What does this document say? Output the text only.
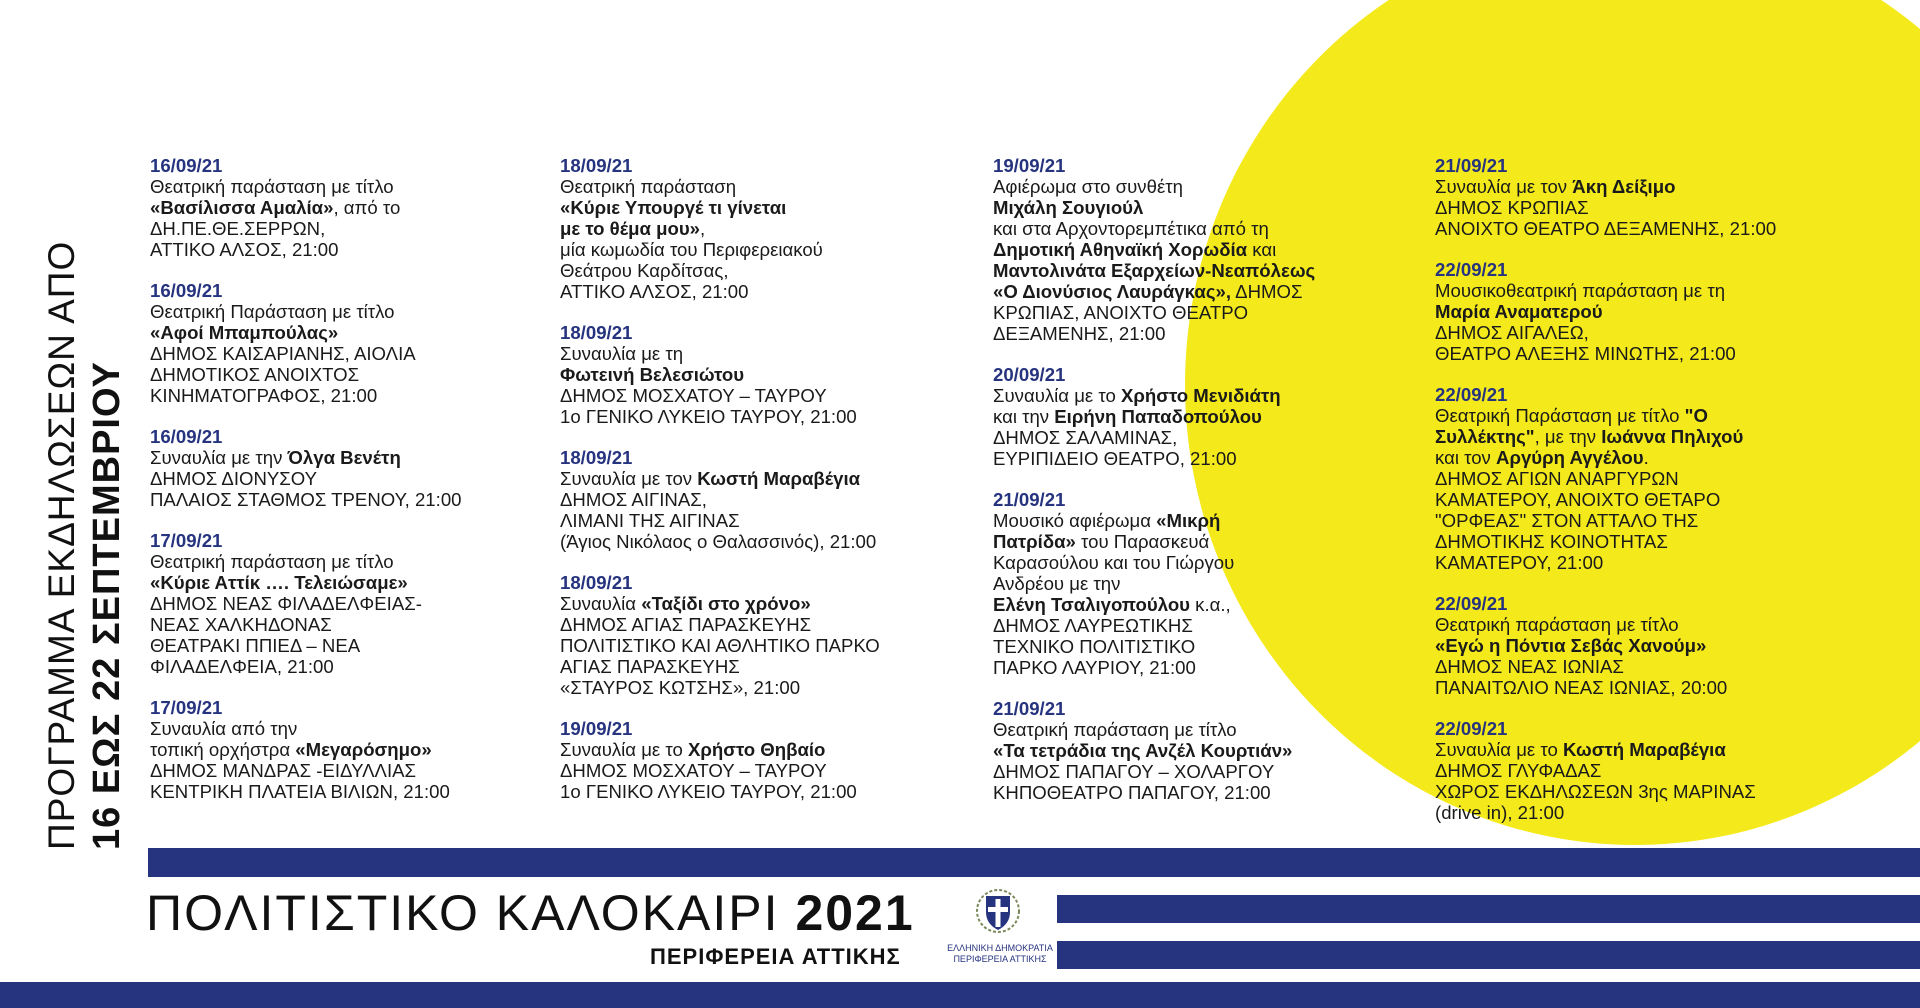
ΠΡΟΓΡΑΜΜΑ ΕΚΔΗΛΩΣΕΩΝ ΑΠΟ 16 ΕΩΣ 22 ΣΕΠΤΕΜΒΡΙΟΥ
16/09/21
Θεατρική παράσταση με τίτλο
«Βασίλισσα Αμαλία», από το
ΔΗ.ΠΕ.ΘΕ.ΣΕΡΡΩΝ,
ΑΤΤΙΚΟ ΑΛΣΟΣ, 21:00
16/09/21
Θεατρική Παράσταση με τίτλο
«Αφοί Μπαμπούλας»
ΔΗΜΟΣ ΚΑΙΣΑΡΙΑΝΗΣ, ΑΙΟΛΙΑ
ΔΗΜΟΤΙΚΟΣ ΑΝΟΙΧΤΟΣ
ΚΙΝΗΜΑΤΟΓΡΑΦΟΣ, 21:00
16/09/21
Συναυλία με την Όλγα Βενέτη
ΔΗΜΟΣ ΔΙΟΝΥΣΟΥ
ΠΑΛΑΙΟΣ ΣΤΑΘΜΟΣ ΤΡΕΝΟΥ, 21:00
17/09/21
Θεατρική παράσταση με τίτλο
«Κύριε Αττίκ …. Τελειώσαμε»
ΔΗΜΟΣ ΝΕΑΣ ΦΙΛΑΔΕΛΦΕΙΑΣ-
ΝΕΑΣ ΧΑΛΚΗΔΟΝΑΣ
ΘΕΑΤΡΑΚΙ ΠΠΙΕΔ – ΝΕΑ
ΦΙΛΑΔΕΛΦΕΙΑ, 21:00
17/09/21
Συναυλία από την
τοπική ορχήστρα «Μεγαρόσημο»
ΔΗΜΟΣ ΜΑΝΔΡΑΣ -ΕΙΔΥΛΛΙΑΣ
ΚΕΝΤΡΙΚΗ ΠΛΑΤΕΙΑ ΒΙΛΙΩΝ, 21:00
18/09/21
Θεατρική παράσταση
«Κύριε Υπουργέ τι γίνεται
με το θέμα μου»,
μία κωμωδία του Περιφερειακού
Θεάτρου Καρδίτσας,
ΑΤΤΙΚΟ ΑΛΣΟΣ, 21:00
18/09/21
Συναυλία με τη
Φωτεινή Βελεσιώτου
ΔΗΜΟΣ ΜΟΣΧΑΤΟΥ – ΤΑΥΡΟΥ
1ο ΓΕΝΙΚΟ ΛΥΚΕΙΟ ΤΑΥΡΟΥ, 21:00
18/09/21
Συναυλία με τον Κωστή Μαραβέγια
ΔΗΜΟΣ ΑΙΓΙΝΑΣ,
ΛΙΜΑΝΙ ΤΗΣ ΑΙΓΙΝΑΣ
(Άγιος Νικόλαος ο Θαλασσινός), 21:00
18/09/21
Συναυλία «Ταξίδι στο χρόνο»
ΔΗΜΟΣ ΑΓΙΑΣ ΠΑΡΑΣΚΕΥΗΣ
ΠΟΛΙΤΙΣΤΙΚΟ ΚΑΙ ΑΘΛΗΤΙΚΟ ΠΑΡΚΟ
ΑΓΙΑΣ ΠΑΡΑΣΚΕΥΗΣ
«ΣΤΑΥΡΟΣ ΚΩΤΣΗΣ», 21:00
19/09/21
Συναυλία με το Χρήστο Θηβαίο
ΔΗΜΟΣ ΜΟΣΧΑΤΟΥ – ΤΑΥΡΟΥ
1ο ΓΕΝΙΚΟ ΛΥΚΕΙΟ ΤΑΥΡΟΥ, 21:00
19/09/21
Αφιέρωμα στο συνθέτη
Μιχάλη Σουγιούλ
και στα Αρχοντορεμπέτικα από τη
Δημοτική Αθηναϊκή Χορωδία και
Μαντολινάτα Εξαρχείων-Νεαπόλεως
«Ο Διονύσιος Λαυράγκας», ΔΗΜΟΣ
ΚΡΩΠΙΑΣ, ΑΝΟΙΧΤΟ ΘΕΑΤΡΟ
ΔΕΞΑΜΕΝΗΣ, 21:00
20/09/21
Συναυλία με το Χρήστο Μενιδιάτη
και την Ειρήνη Παπαδοπούλου
ΔΗΜΟΣ ΣΑΛΑΜΙΝΑΣ,
ΕΥΡΙΠΙΔΕΙΟ ΘΕΑΤΡΟ, 21:00
21/09/21
Μουσικό αφιέρωμα «Μικρή
Πατρίδα» του Παρασκευά
Καρασούλου και του Γιώργου
Ανδρέου με την
Ελένη Τσαλιγοπούλου κ.α.,
ΔΗΜΟΣ ΛΑΥΡΕΩΤΙΚΗΣ
ΤΕΧΝΙΚΟ ΠΟΛΙΤΙΣΤΙΚΟ
ΠΑΡΚΟ ΛΑΥΡΙΟΥ, 21:00
21/09/21
Θεατρική παράσταση με τίτλο
«Τα τετράδια της Ανζέλ Κουρτιάν»
ΔΗΜΟΣ ΠΑΠΑΓΟΥ – ΧΟΛΑΡΓΟΥ
ΚΗΠΟΘΕΑΤΡΟ ΠΑΠΑΓΟΥ, 21:00
21/09/21
Συναυλία με τον Άκη Δείξιμο
ΔΗΜΟΣ ΚΡΩΠΙΑΣ
ΑΝΟΙΧΤΟ ΘΕΑΤΡΟ ΔΕΞΑΜΕΝΗΣ, 21:00
22/09/21
Μουσικοθεατρική παράσταση με τη
Μαρία Αναματερού
ΔΗΜΟΣ ΑΙΓΑΛΕΩ,
ΘΕΑΤΡΟ ΑΛΕΞΗΣ ΜΙΝΩΤΗΣ, 21:00
22/09/21
Θεατρική Παράσταση με τίτλο "Ο
Συλλέκτης", με την Ιωάννα Πηλιχού
και τον Αργύρη Αγγέλου.
ΔΗΜΟΣ ΑΓΙΩΝ ΑΝΑΡΓΥΡΩΝ
ΚΑΜΑΤΕΡΟΥ, ΑΝΟΙΧΤΟ ΘΕΤΑΡΟ
"ΟΡΦΕΑΣ" ΣΤΟΝ ΑΤΤΑΛΟ ΤΗΣ
ΔΗΜΟΤΙΚΗΣ ΚΟΙΝΟΤΗΤΑΣ
ΚΑΜΑΤΕΡΟΥ, 21:00
22/09/21
Θεατρική παράσταση με τίτλο
«Εγώ η Πόντια Σεβάς Χανούμ»
ΔΗΜΟΣ ΝΕΑΣ ΙΩΝΙΑΣ
ΠΑΝΑΙΤΩΛΙΟ ΝΕΑΣ ΙΩΝΙΑΣ, 20:00
22/09/21
Συναυλία με το Κωστή Μαραβέγια
ΔΗΜΟΣ ΓΛΥΦΑΔΑΣ
ΧΩΡΟΣ ΕΚΔΗΛΩΣΕΩΝ 3ης ΜΑΡΙΝΑΣ
(drive in), 21:00
ΠΟΛΙΤΙΣΤΙΚΟ ΚΑΛΟΚΑΙΡΙ 2021
ΠΕΡΙΦΕΡΕΙΑ ΑΤΤΙΚΗΣ	ΕΛΛΗΝΙΚΗ ΔΗΜΟΚΡΑΤΙΑ
ΠΕΡΙΦΕΡΕΙΑ ΑΤΤΙΚΗΣ
